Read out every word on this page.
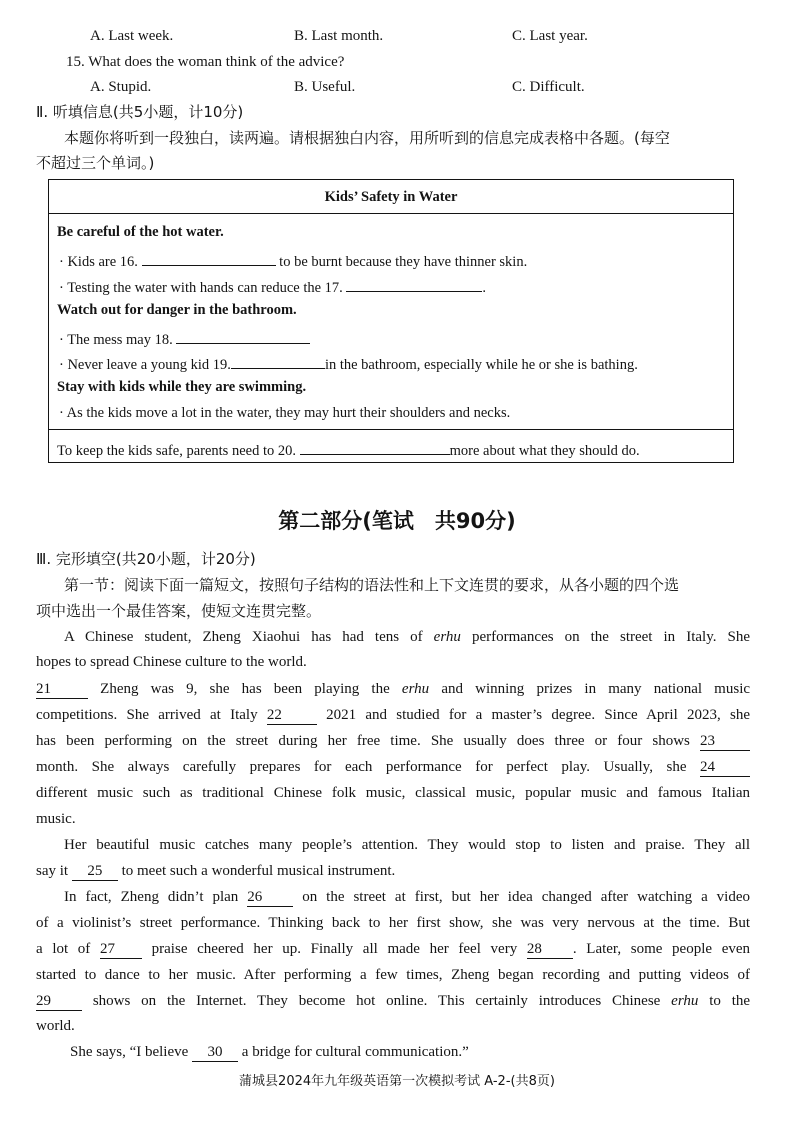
A. Last week.	B. Last month.	C. Last year.
15. What does the woman think of the advice?
A. Stupid.	B. Useful.	C. Difficult.
Ⅱ. 听填信息(共5小题，计10分)
本题你将听到一段独白，读两遍。请根据独白内容，用所听到的信息完成表格中各题。(每空
不超过三个单词。)
Kids’ Safety in Water
Be careful of the hot water.
· Kids are 16.	to be burnt because they have thinner skin.
· Testing the water with hands can reduce the 17.	.
Watch out for danger in the bathroom.
· The mess may 18.
· Never leave a young kid 19.	in the bathroom, especially while he or she is bathing.
Stay with kids while they are swimming.
· As the kids move a lot in the water, they may hurt their shoulders and necks.
To keep the kids safe, parents need to 20.	more about what they should do.
第二部分(笔试　共90分)
Ⅲ. 完形填空(共20小题，计20分)
第一节：阅读下面一篇短文，按照句子结构的语法性和上下文连贯的要求，从各小题的四个选
项中选出一个最佳答案，使短文连贯完整。
A Chinese student, Zheng Xiaohui has had tens of erhu performances on the street in Italy. She
hopes to spread Chinese culture to the world.
21	Zheng was 9, she has been playing the erhu and winning prizes in many national music
competitions. She arrived at Italy 22	2021 and studied for a master’s degree. Since April 2023, she
has been performing on the street during her free time. She usually does three or four shows 23
month. She always carefully prepares for each performance for perfect play. Usually, she 24
different music such as traditional Chinese folk music, classical music, popular music and famous Italian
music.
Her beautiful music catches many people’s attention. They would stop to listen and praise. They all
say it 25 to meet such a wonderful musical instrument.
In fact, Zheng didn’t plan 26	on the street at first, but her idea changed after watching a video
of a violinist’s street performance. Thinking back to her first show, she was very nervous at the time. But
a lot of 27 praise cheered her up. Finally all made her feel very 28 . Later, some people even
started to dance to her music. After performing a few times, Zheng began recording and putting videos of
29	shows on the Internet. They become hot online. This certainly introduces Chinese erhu to the
world.
She says, “I believe 30 a bridge for cultural communication.”
蒲城县2024年九年级英语第一次模拟考试 A-2-(共8页)
